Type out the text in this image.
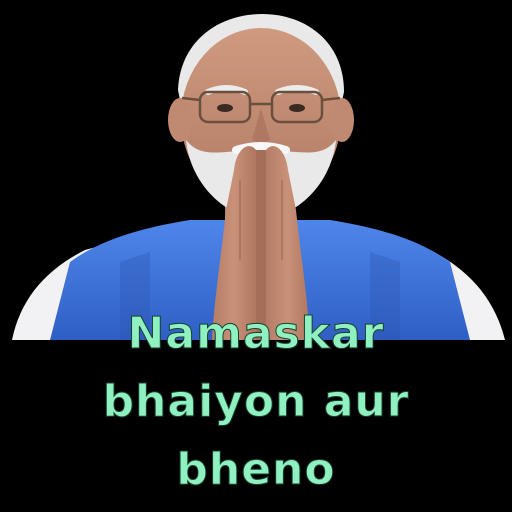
Namaskar
bhaiyon aur
bheno
